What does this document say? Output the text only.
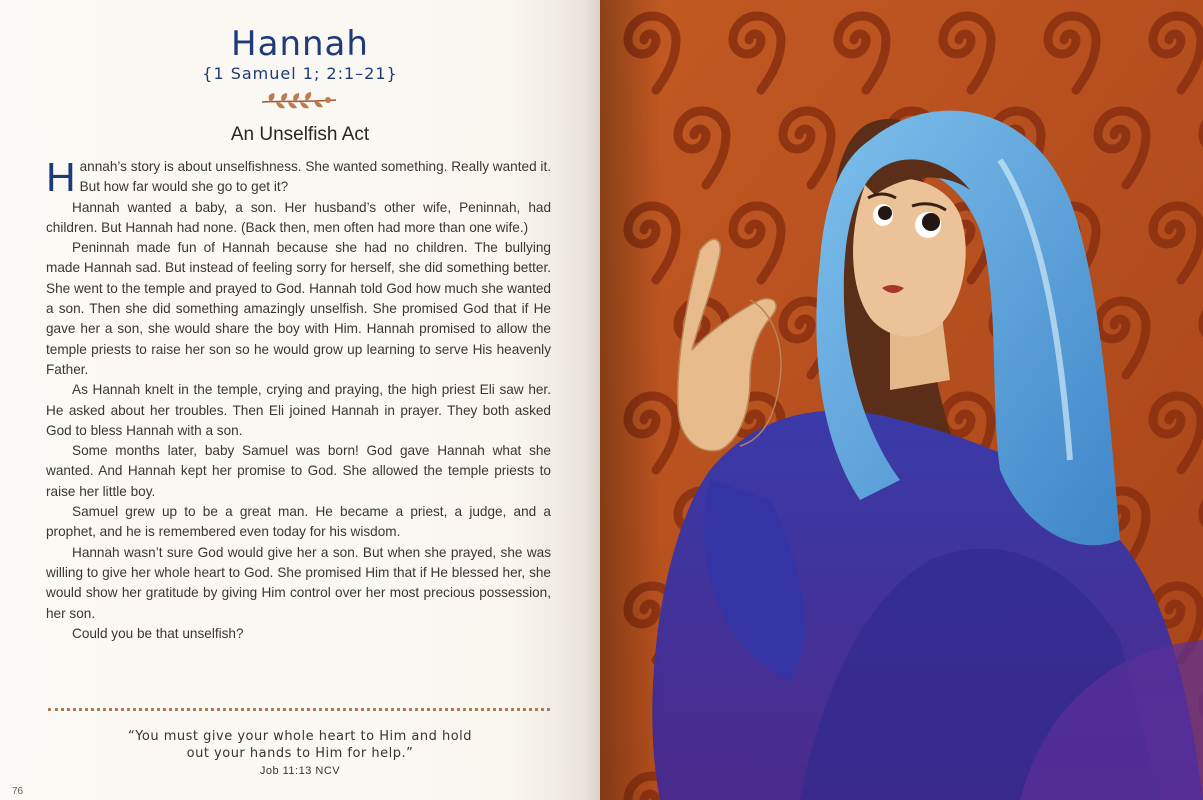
Hannah
{1 Samuel 1; 2:1–21}
An Unselfish Act

Hannah’s story is about unselfishness. She wanted something. Really wanted it. But how far would she go to get it?

Hannah wanted a baby, a son. Her husband’s other wife, Peninnah, had children. But Hannah had none. (Back then, men often had more than one wife.)

Peninnah made fun of Hannah because she had no children. The bullying made Hannah sad. But instead of feeling sorry for herself, she did something better. She went to the temple and prayed to God. Hannah told God how much she wanted a son. Then she did something amazingly unselfish. She promised God that if He gave her a son, she would share the boy with Him. Hannah promised to allow the temple priests to raise her son so he would grow up learning to serve His heavenly Father.

As Hannah knelt in the temple, crying and praying, the high priest Eli saw her. He asked about her troubles. Then Eli joined Hannah in prayer. They both asked God to bless Hannah with a son.

Some months later, baby Samuel was born! God gave Hannah what she wanted. And Hannah kept her promise to God. She allowed the temple priests to raise her little boy.

Samuel grew up to be a great man. He became a priest, a judge, and a prophet, and he is remembered even today for his wisdom.

Hannah wasn’t sure God would give her a son. But when she prayed, she was willing to give her whole heart to God. She promised Him that if He blessed her, she would show her gratitude by giving Him control over her most precious possession, her son.

Could you be that unselfish?

“You must give your whole heart to Him and hold
out your hands to Him for help.”
Job 11:13 NCV
76
